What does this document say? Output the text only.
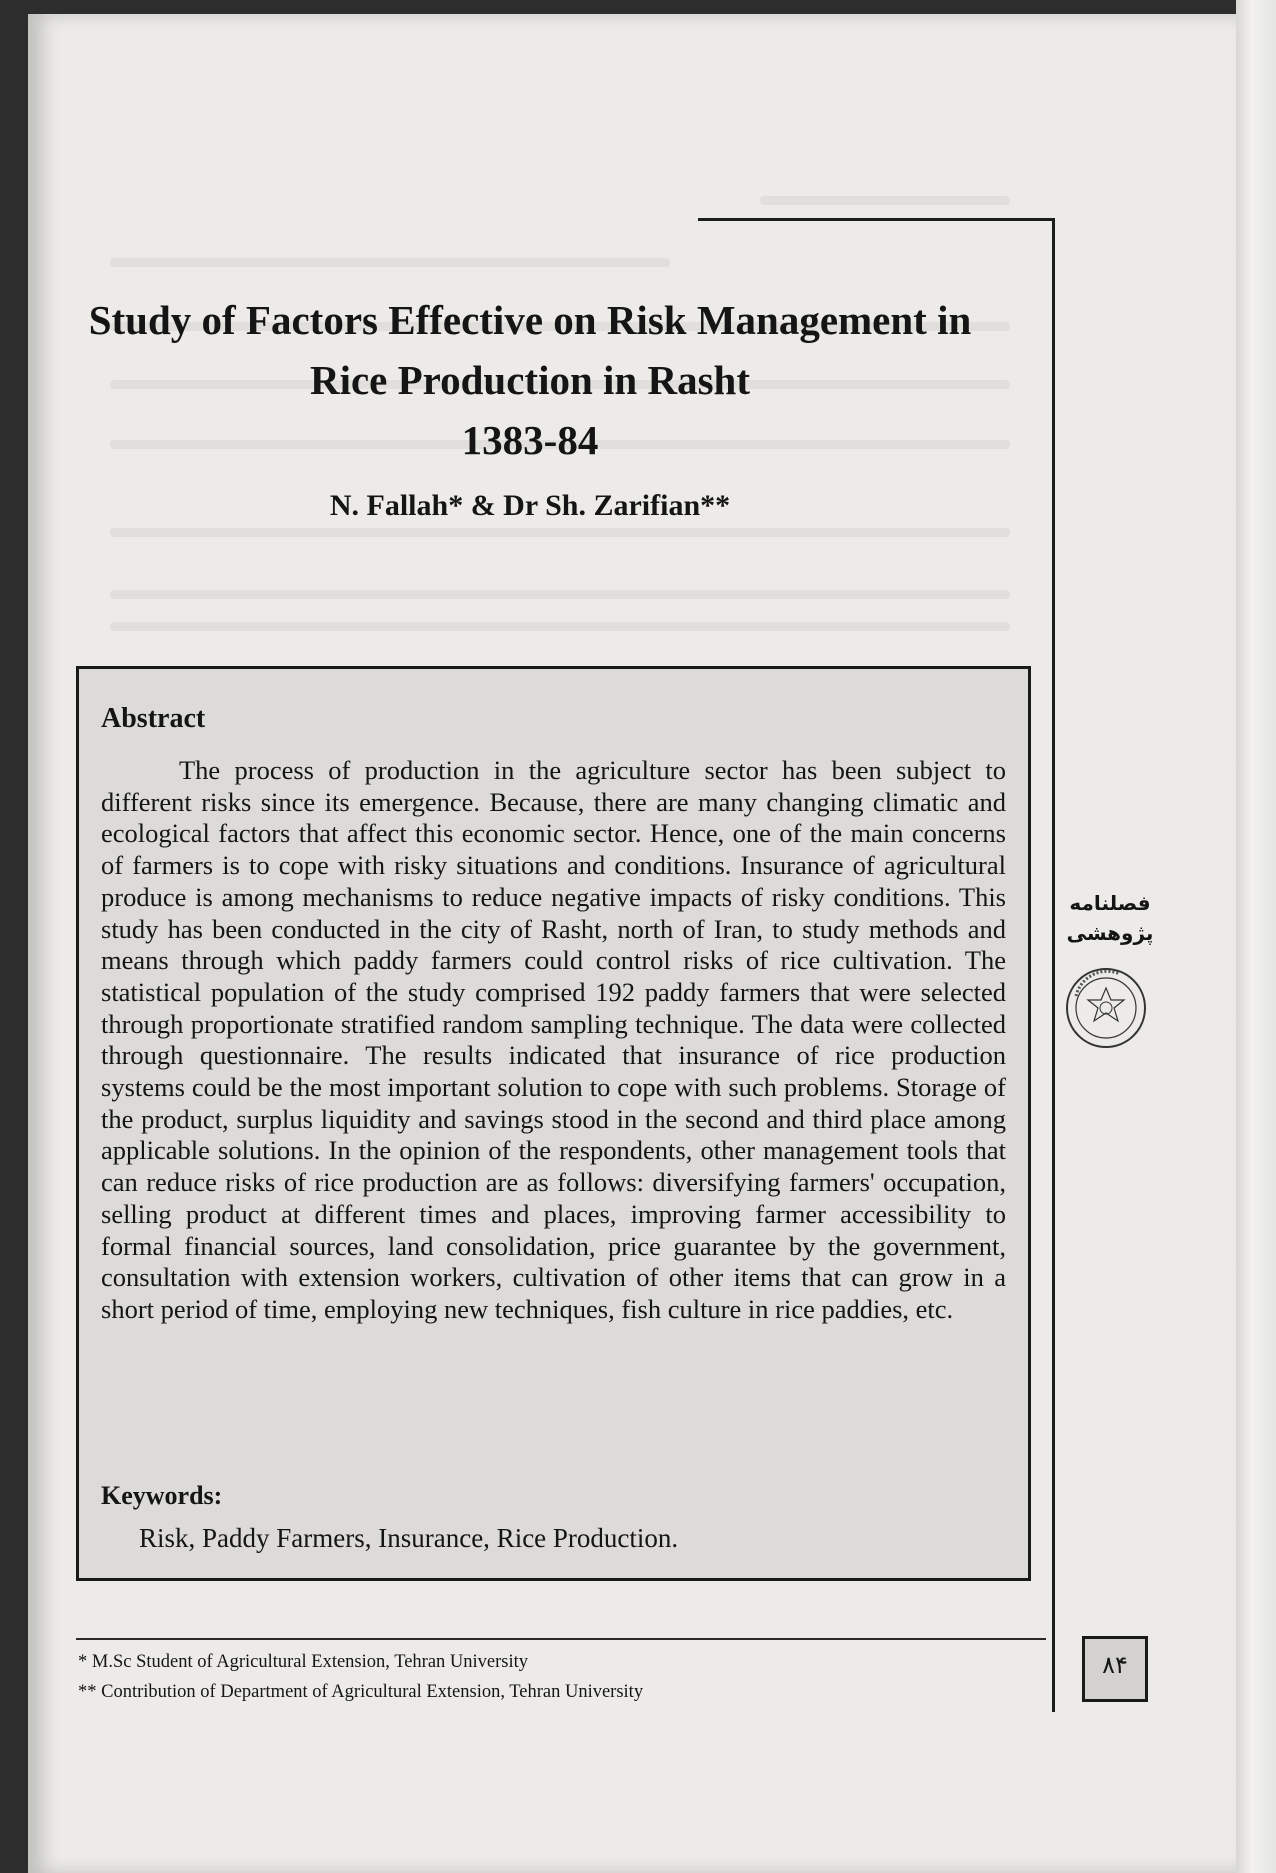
Study of Factors Effective on Risk Management in Rice Production in Rasht
1383-84
N. Fallah* & Dr Sh. Zarifian**
Abstract
The process of production in the agriculture sector has been subject to different risks since its emergence. Because, there are many changing climatic and ecological factors that affect this economic sector. Hence, one of the main concerns of farmers is to cope with risky situations and conditions. Insurance of agricultural produce is among mechanisms to reduce negative impacts of risky conditions. This study has been conducted in the city of Rasht, north of Iran, to study methods and means through which paddy farmers could control risks of rice cultivation. The statistical population of the study comprised 192 paddy farmers that were selected through proportionate stratified random sampling technique. The data were collected through questionnaire. The results indicated that insurance of rice production systems could be the most important solution to cope with such problems. Storage of the product, surplus liquidity and savings stood in the second and third place among applicable solutions. In the opinion of the respondents, other management tools that can reduce risks of rice production are as follows: diversifying farmers' occupation, selling product at different times and places, improving farmer accessibility to formal financial sources, land consolidation, price guarantee by the government, consultation with extension workers, cultivation of other items that can grow in a short period of time, employing new techniques, fish culture in rice paddies, etc.
Keywords:
Risk, Paddy Farmers, Insurance, Rice Production.
* M.Sc Student of Agricultural Extension, Tehran University
** Contribution of Department of Agricultural Extension, Tehran University
فصلنامه
پژوهشی
۸۴
